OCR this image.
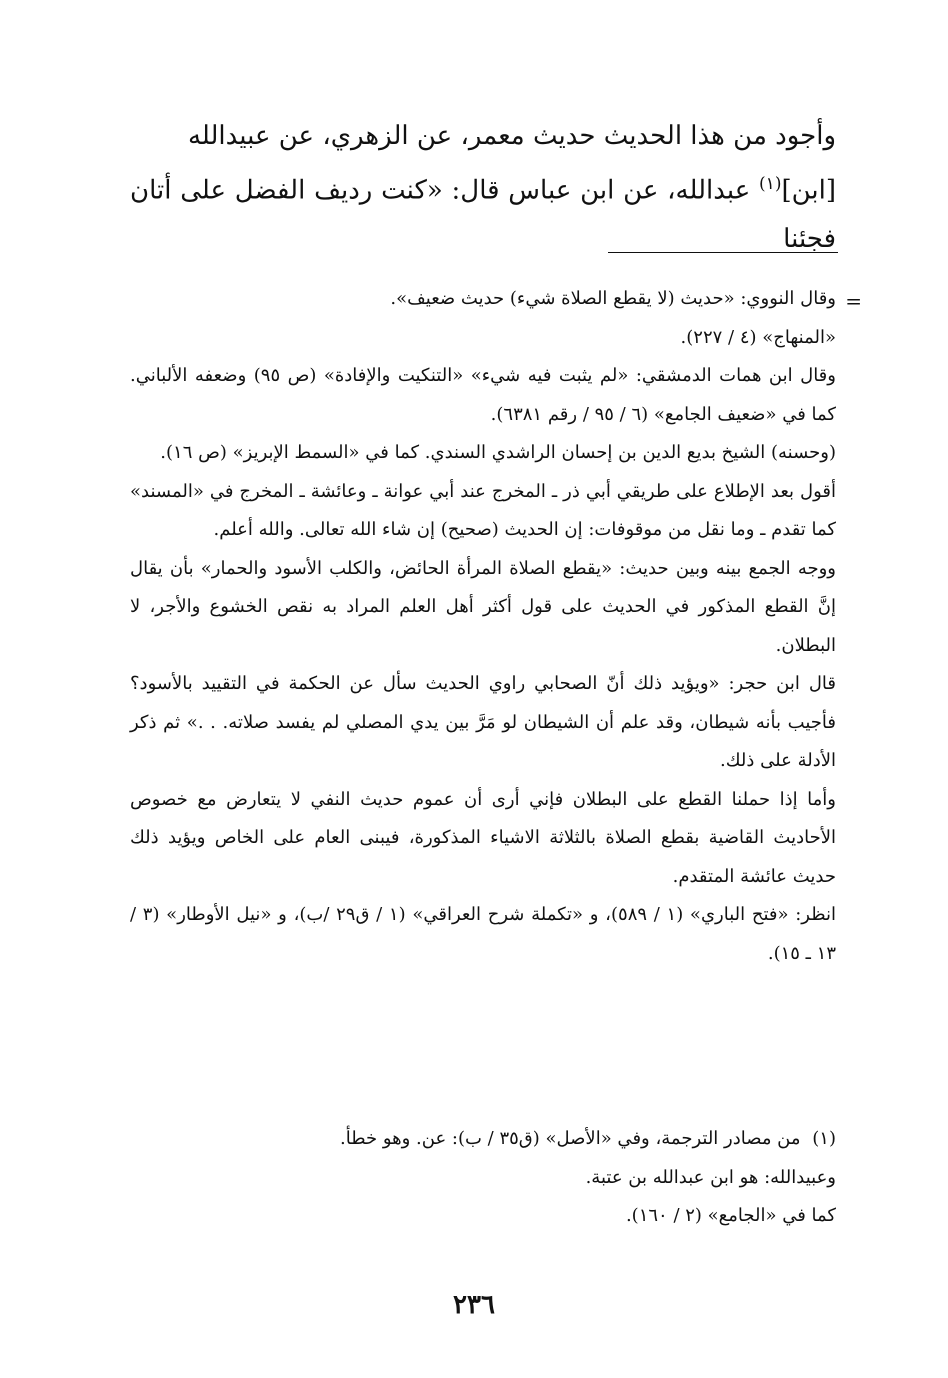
وأجود من هذا الحديث حديث معمر، عن الزهري، عن عبيدالله

[ابن]$^{(١)}$ عبدالله، عن ابن عباس قال: «كنت رديف الفضل على أتان فجئنا

=

وقال النووي: «حديث (لا يقطع الصلاة شيء) حديث ضعيف».

«المنهاج» (٤ / ٢٢٧).

وقال ابن همات الدمشقي: «لم يثبت فيه شيء» «التنكيت والإفادة» (ص ٩٥) وضعفه الألباني. كما في «ضعيف الجامع» (٦ / ٩٥ / رقم ٦٣٨١).

(وحسنه) الشيخ بديع الدين بن إحسان الراشدي السندي. كما في «السمط الإبريز» (ص ١٦).

أقول بعد الإطلاع على طريقي أبي ذر ـ المخرج عند أبي عوانة ـ وعائشة ـ المخرج في «المسند» كما تقدم ـ وما نقل من موقوفات: إن الحديث (صحيح) إن شاء الله تعالى. والله أعلم.

ووجه الجمع بينه وبين حديث: «يقطع الصلاة المرأة الحائض، والكلب الأسود والحمار» بأن يقال إنَّ القطع المذكور في الحديث على قول أكثر أهل العلم المراد به نقص الخشوع والأجر، لا البطلان.

قال ابن حجر: «ويؤيد ذلك أنّ الصحابي راوي الحديث سأل عن الحكمة في التقييد بالأسود؟ فأجيب بأنه شيطان، وقد علم أن الشيطان لو مَرَّ بين يدي المصلي لم يفسد صلاته. . .» ثم ذكر الأدلة على ذلك.

وأما إذا حملنا القطع على البطلان فإني أرى أن عموم حديث النفي لا يتعارض مع خصوص الأحاديث القاضية بقطع الصلاة بالثلاثة الاشياء المذكورة، فيبنى العام على الخاص ويؤيد ذلك حديث عائشة المتقدم.

انظر: «فتح الباري» (١ / ٥٨٩)، و «تكملة شرح العراقي» (١ / ق٢٩ /ب)، و «نيل الأوطار» (٣ / ١٣ ـ ١٥).

(١) من مصادر الترجمة، وفي «الأصل» (ق٣٥ / ب): عن. وهو خطأ.

وعبيدالله: هو ابن عبدالله بن عتبة.

كما في «الجامع» (٢ / ١٦٠).

٢٣٦
